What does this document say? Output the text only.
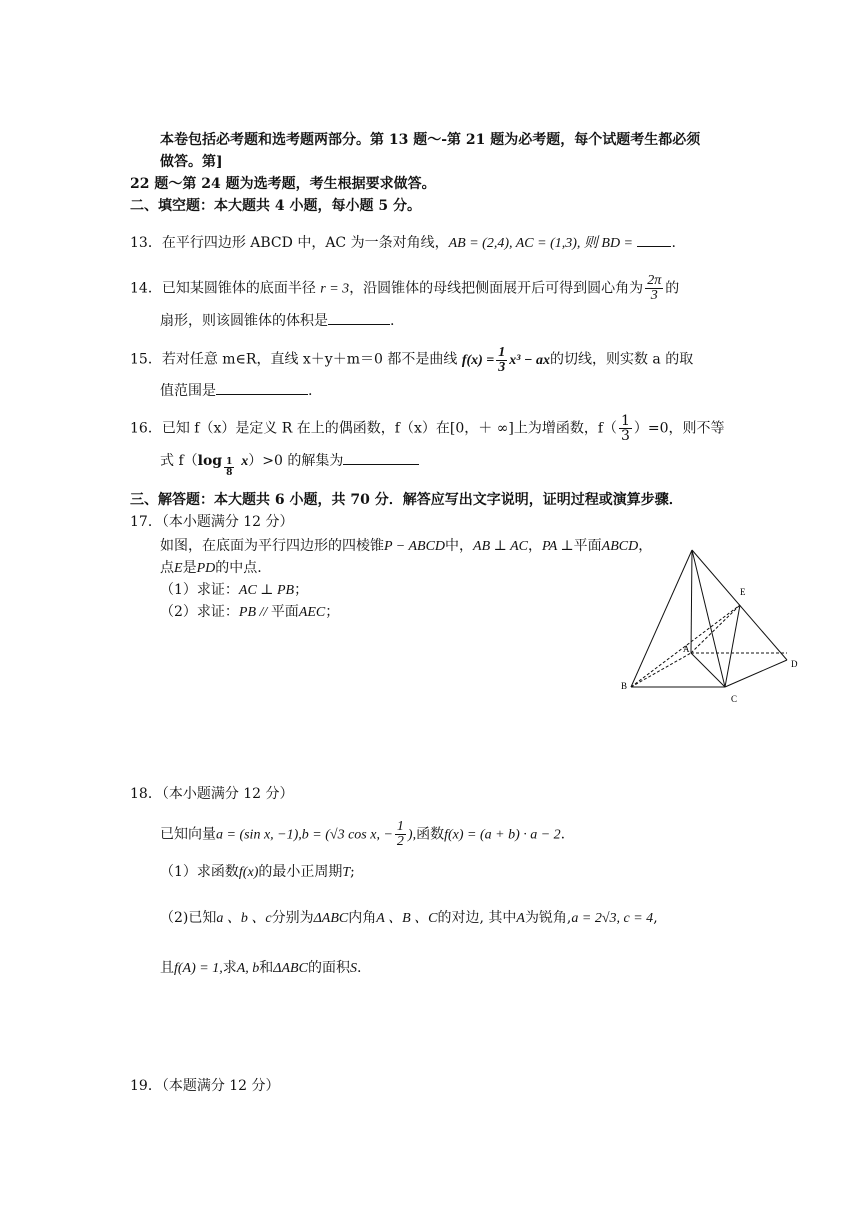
本卷包括必考题和选考题两部分。第 13 题～-第 21 题为必考题，每个试题考生都必须
做答。第]
22 题～第 24 题为选考题，考生根据要求做答。
二、填空题：本大题共 4 小题，每小题 5 分。
13．在平行四边形 ABCD 中，AC 为一条对角线，AB = (2,4), AC = (1,3), 则 BD =	.
14．已知某圆锥体的底面半径 r = 3，沿圆锥体的母线把侧面展开后可得到圆心角为 $\frac{2\pi}{3}$ 的
扇形，则该圆锥体的体积是	.
15．若对任意 m∈R，直线 x＋y＋m＝0 都不是曲线 $f(x) = \frac{1}{3} x^3$ − ax的切线，则实数 a 的取
值范围是	.
16．已知 f（x）是定义 R 在上的偶函数，f（x）在[0，＋ ∞]上为增函数，$f( \frac{1}{3} )=0$，则不等
式 $f(\log \frac{1}{8} x)>0$ 的解集为
三、解答题：本大题共 6 小题，共 70 分．解答应写出文字说明，证明过程或演算步骤．
17．（本小题满分 12 分）
如图，在底面为平行四边形的四棱锥P − ABCD中，AB ⊥ AC，PA ⊥平面ABCD，
点E是PD的中点.
（1）求证：AC ⊥ PB；
（2）求证：PB // 平面AEC；
E
A
B
C
D
18．（本小题满分 12 分）
已知向量a = (sin x, −1),b = (√3 cos x, − $\frac{1}{2}$ ),函数f(x) = (a + b) · a − 2.
（1）求函数f(x)的最小正周期T;
（2)已知a 、b 、c分别为ΔABC内角A 、B 、C的对边, 其中A为锐角,a = 2√3, c = 4,
且f(A) = 1,求A, b和ΔABC的面积S.
19．（本题满分 12 分）
